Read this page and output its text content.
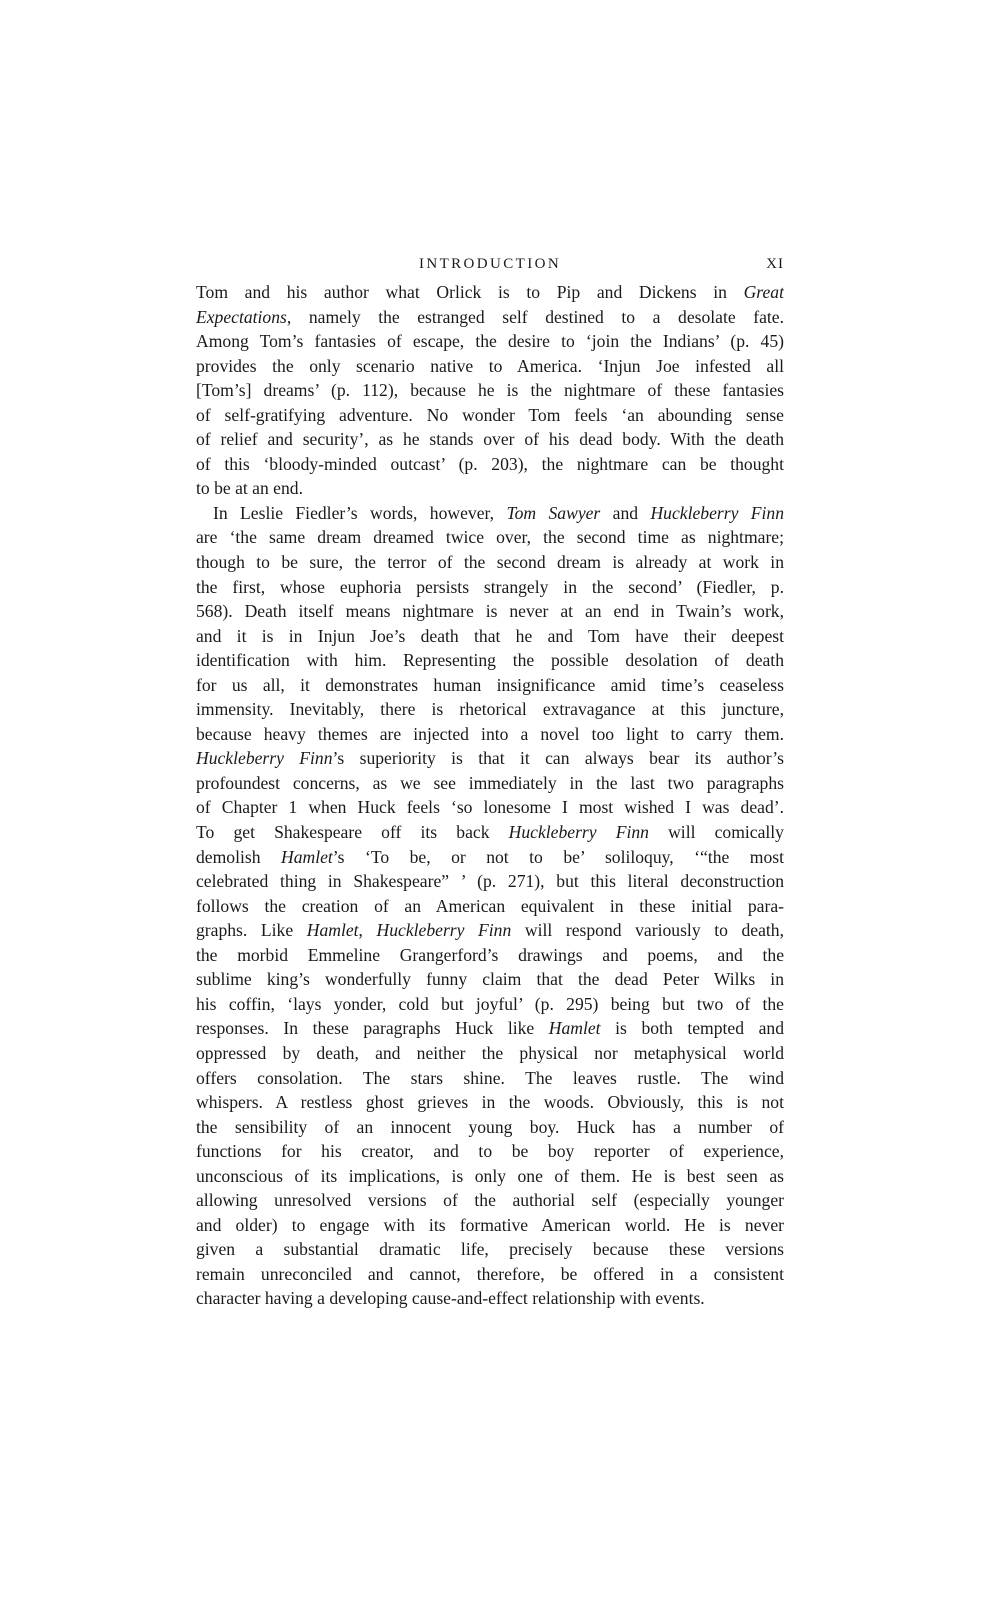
INTRODUCTION	XI

Tom and his author what Orlick is to Pip and Dickens in Great
Expectations, namely the estranged self destined to a desolate fate.
Among Tom’s fantasies of escape, the desire to ‘join the Indians’ (p. 45)
provides the only scenario native to America. ‘Injun Joe infested all
[Tom’s] dreams’ (p. 112), because he is the nightmare of these fantasies
of self-gratifying adventure. No wonder Tom feels ‘an abounding sense
of relief and security’, as he stands over of his dead body. With the death
of this ‘bloody-minded outcast’ (p. 203), the nightmare can be thought
to be at an end.

In Leslie Fiedler’s words, however, Tom Sawyer and Huckleberry Finn
are ‘the same dream dreamed twice over, the second time as nightmare;
though to be sure, the terror of the second dream is already at work in
the first, whose euphoria persists strangely in the second’ (Fiedler, p.
568). Death itself means nightmare is never at an end in Twain’s work,
and it is in Injun Joe’s death that he and Tom have their deepest
identification with him. Representing the possible desolation of death
for us all, it demonstrates human insignificance amid time’s ceaseless
immensity. Inevitably, there is rhetorical extravagance at this juncture,
because heavy themes are injected into a novel too light to carry them.
Huckleberry Finn’s superiority is that it can always bear its author’s
profoundest concerns, as we see immediately in the last two paragraphs
of Chapter 1 when Huck feels ‘so lonesome I most wished I was dead’.
To get Shakespeare off its back Huckleberry Finn will comically
demolish Hamlet’s ‘To be, or not to be’ soliloquy, ‘“the most
celebrated thing in Shakespeare” ’ (p. 271), but this literal deconstruction
follows the creation of an American equivalent in these initial para-
graphs. Like Hamlet, Huckleberry Finn will respond variously to death,
the morbid Emmeline Grangerford’s drawings and poems, and the
sublime king’s wonderfully funny claim that the dead Peter Wilks in
his coffin, ‘lays yonder, cold but joyful’ (p. 295) being but two of the
responses. In these paragraphs Huck like Hamlet is both tempted and
oppressed by death, and neither the physical nor metaphysical world
offers consolation. The stars shine. The leaves rustle. The wind
whispers. A restless ghost grieves in the woods. Obviously, this is not
the sensibility of an innocent young boy. Huck has a number of
functions for his creator, and to be boy reporter of experience,
unconscious of its implications, is only one of them. He is best seen as
allowing unresolved versions of the authorial self (especially younger
and older) to engage with its formative American world. He is never
given a substantial dramatic life, precisely because these versions
remain unreconciled and cannot, therefore, be offered in a consistent
character having a developing cause-and-effect relationship with events.
